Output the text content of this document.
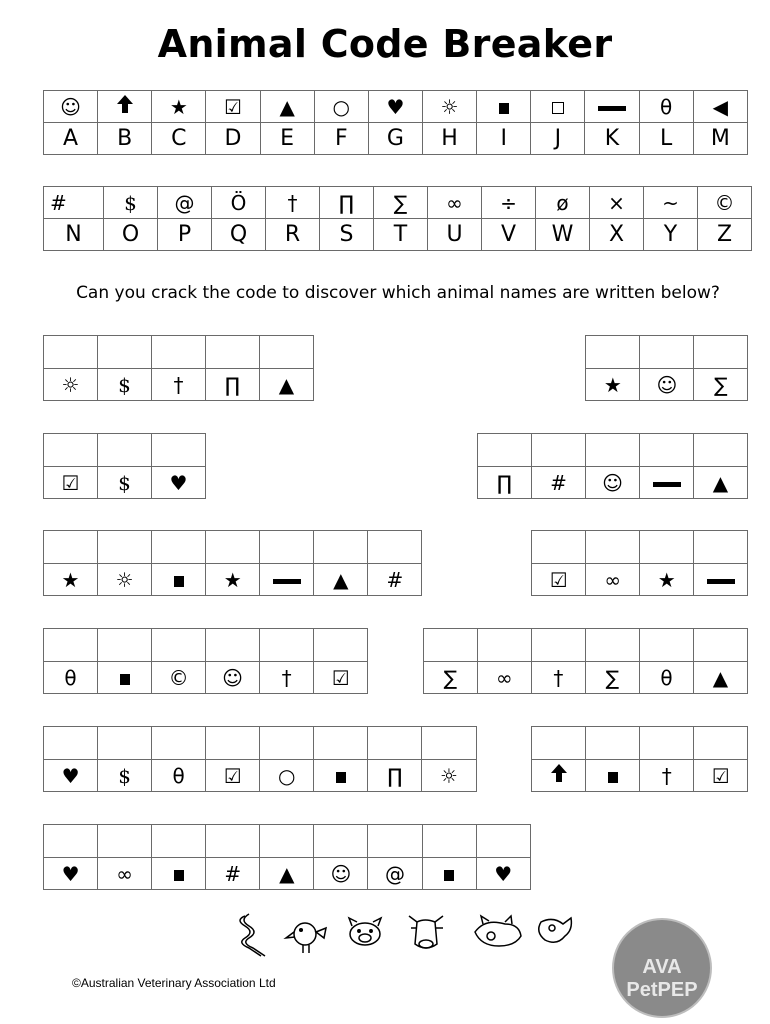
Animal Code Breaker
☺		★	☑	▲	○	♥	☼				θ	◀
A	B	C	D	E	F	G	H	I	J	K	L	M
#	$	@	Ö	†	∏	∑	∞	÷	ø	×	~	©
N	O	P	Q	R	S	T	U	V	W	X	Y	Z
Can you crack the code to discover which animal names are written below?

☼	$	†	∏	▲
			★	☺	∑

☑	$	♥
					∏	#	☺		▲

★	☼		★		▲	#
				☑	∞	★	

θ		©	☺	†	☑
						∑	∞	†	∑	θ	▲

♥	$	θ	☑	○		∏	☼

			†	☑

♥	∞		#	▲	☺	@		♥
AVA PetPEP
©Australian Veterinary Association Ltd
